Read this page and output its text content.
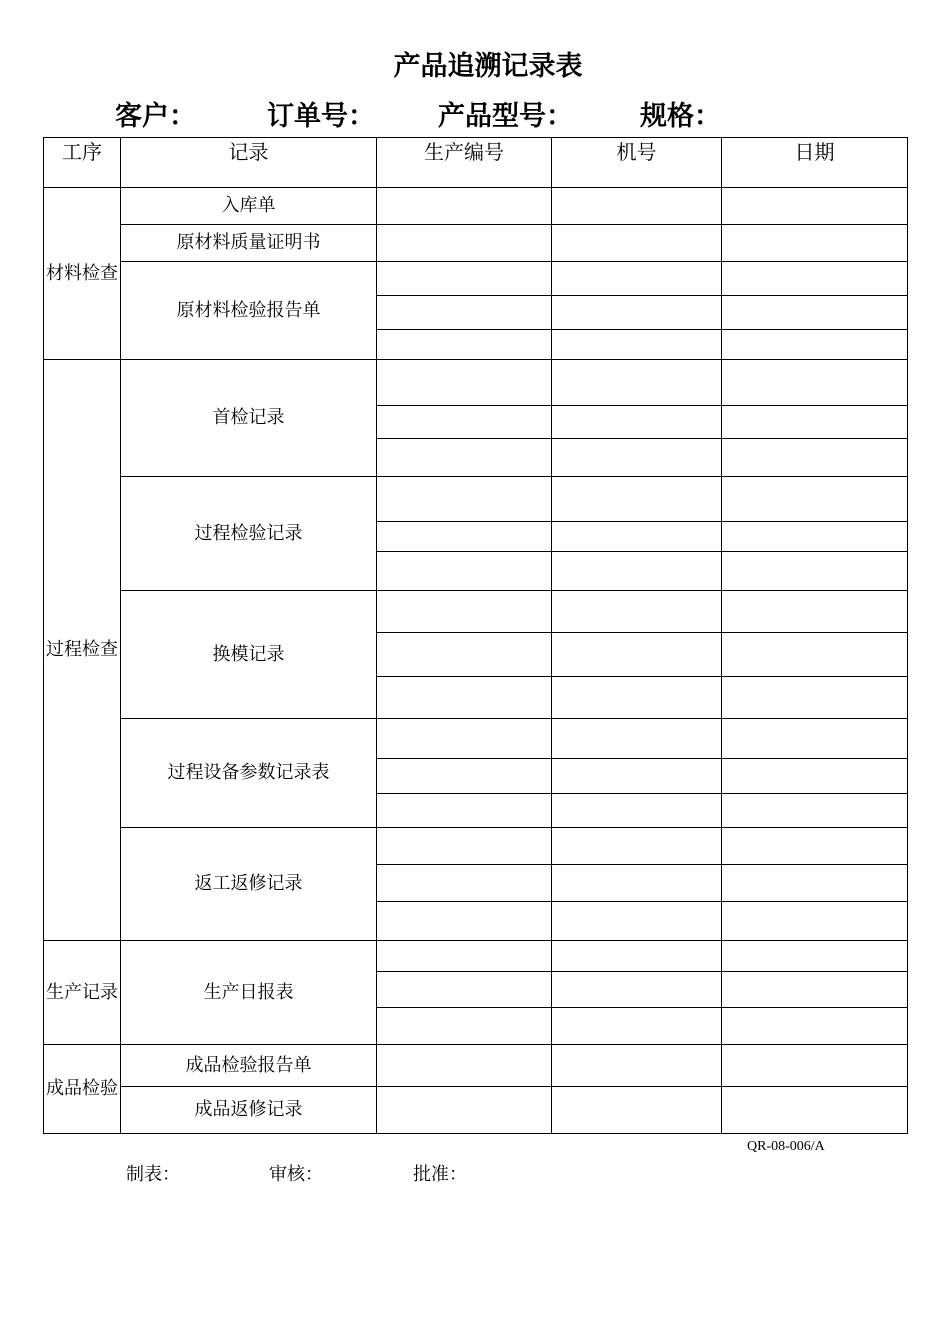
产品追溯记录表
客户：	订单号： 产品型号： 规格：
工序	记录	生产编号	机号	日期
材料检查	入库单			
	原材料质量证明书			
	原材料检验报告单			

过程检查	首检记录			

	过程检验记录			

	换模记录			

	过程设备参数记录表			

	返工返修记录			

生产记录	生产日报表			

成品检验	成品检验报告单			
	成品返修记录			
QR-08-006/A
制表：	审核：	批准：
